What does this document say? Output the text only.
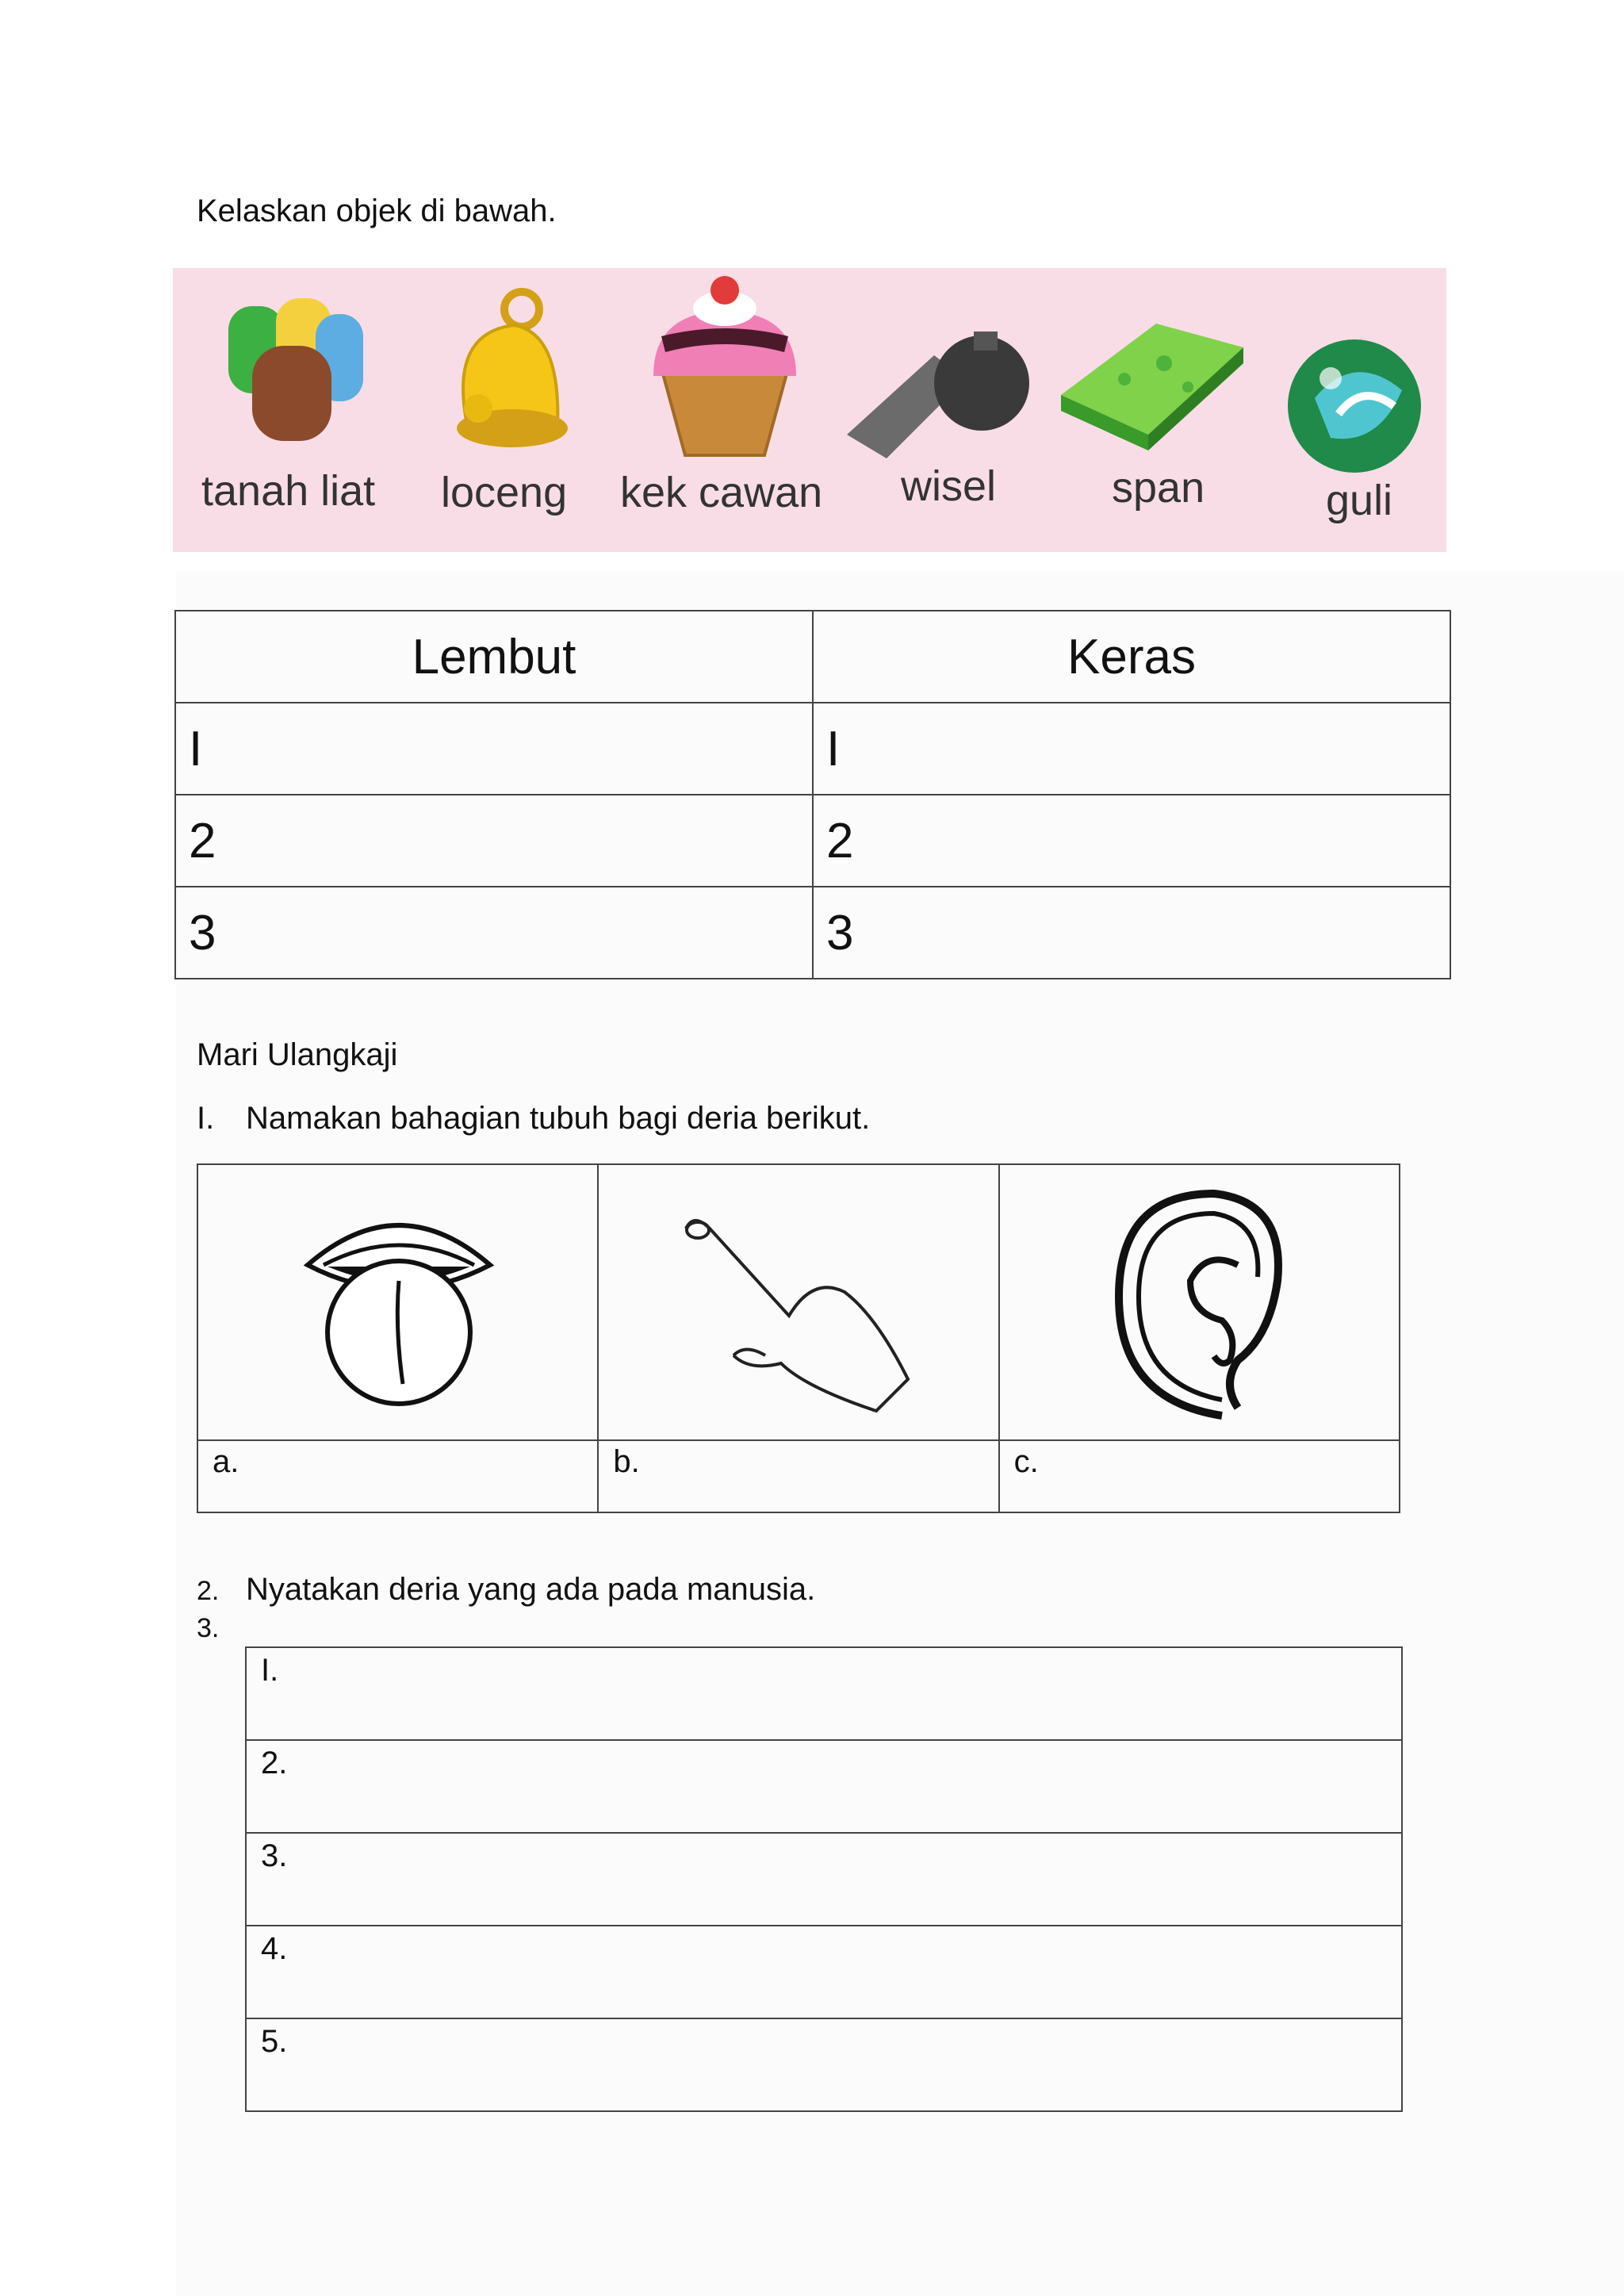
Kelaskan objek di bawah.
tanah liat loceng kek cawan wisel	span	guli
Lembut	Keras
I	I
2	2
3	3
Mari Ulangkaji
I. Namakan bahagian tubuh bagi deria berikut.

a.	b.	c.
2. Nyatakan deria yang ada pada manusia.
3.
I.
2.
3.
4.
5.
